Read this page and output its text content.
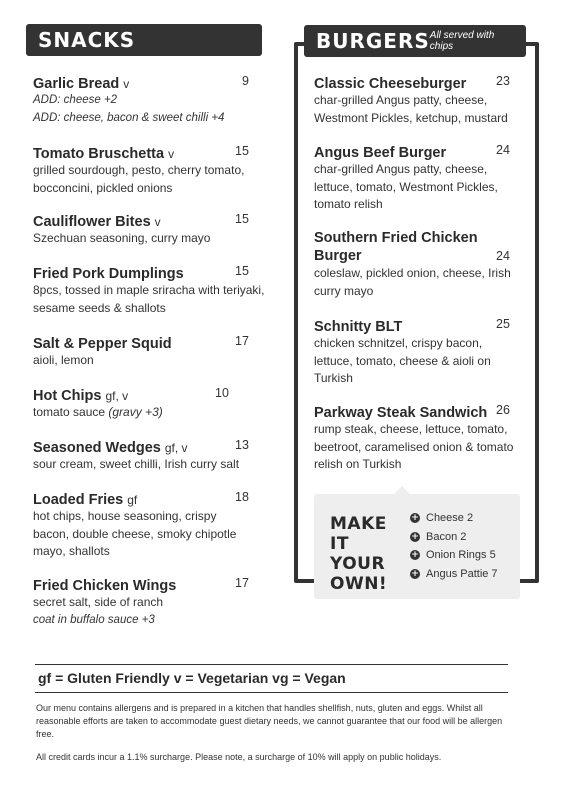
SNACKS	BURGERS All served with chips
Garlic Bread v	9
ADD: cheese +2
ADD: cheese, bacon & sweet chilli +4
Tomato Bruschetta v	15
grilled sourdough, pesto, cherry tomato, bocconcini, pickled onions
Cauliflower Bites v	15
Szechuan seasoning, curry mayo
Fried Pork Dumplings	15
8pcs, tossed in maple sriracha with teriyaki, sesame seeds & shallots
Salt & Pepper Squid	17
aioli, lemon
Hot Chips gf, v	10
tomato sauce (gravy +3)
Seasoned Wedges gf, v	13
sour cream, sweet chilli, Irish curry salt
Loaded Fries gf	18
hot chips, house seasoning, crispy bacon, double cheese, smoky chipotle mayo, shallots
Fried Chicken Wings	17
secret salt, side of ranch
coat in buffalo sauce +3
Classic Cheeseburger 23
char-grilled Angus patty, cheese, Westmont Pickles, ketchup, mustard
Angus Beef Burger	24
char-grilled Angus patty, cheese, lettuce, tomato, Westmont Pickles, tomato relish
Southern Fried Chicken Burger	24
coleslaw, pickled onion, cheese, Irish curry mayo
Schnitty BLT	25
chicken schnitzel, crispy bacon, lettuce, tomato, cheese & aioli on Turkish
Parkway Steak Sandwich 26
rump steak, cheese, lettuce, tomato, beetroot, caramelised onion & tomato relish on Turkish
MAKE IT YOUR OWN!
+ Cheese 2
+ Bacon 2
+ Onion Rings 5
+ Angus Pattie 7
gf = Gluten Friendly v = Vegetarian vg = Vegan
Our menu contains allergens and is prepared in a kitchen that handles shellfish, nuts, gluten and eggs. Whilst all reasonable efforts are taken to accommodate guest dietary needs, we cannot guarantee that our food will be allergen free.
All credit cards incur a 1.1% surcharge. Please note, a surcharge of 10% will apply on public holidays.
